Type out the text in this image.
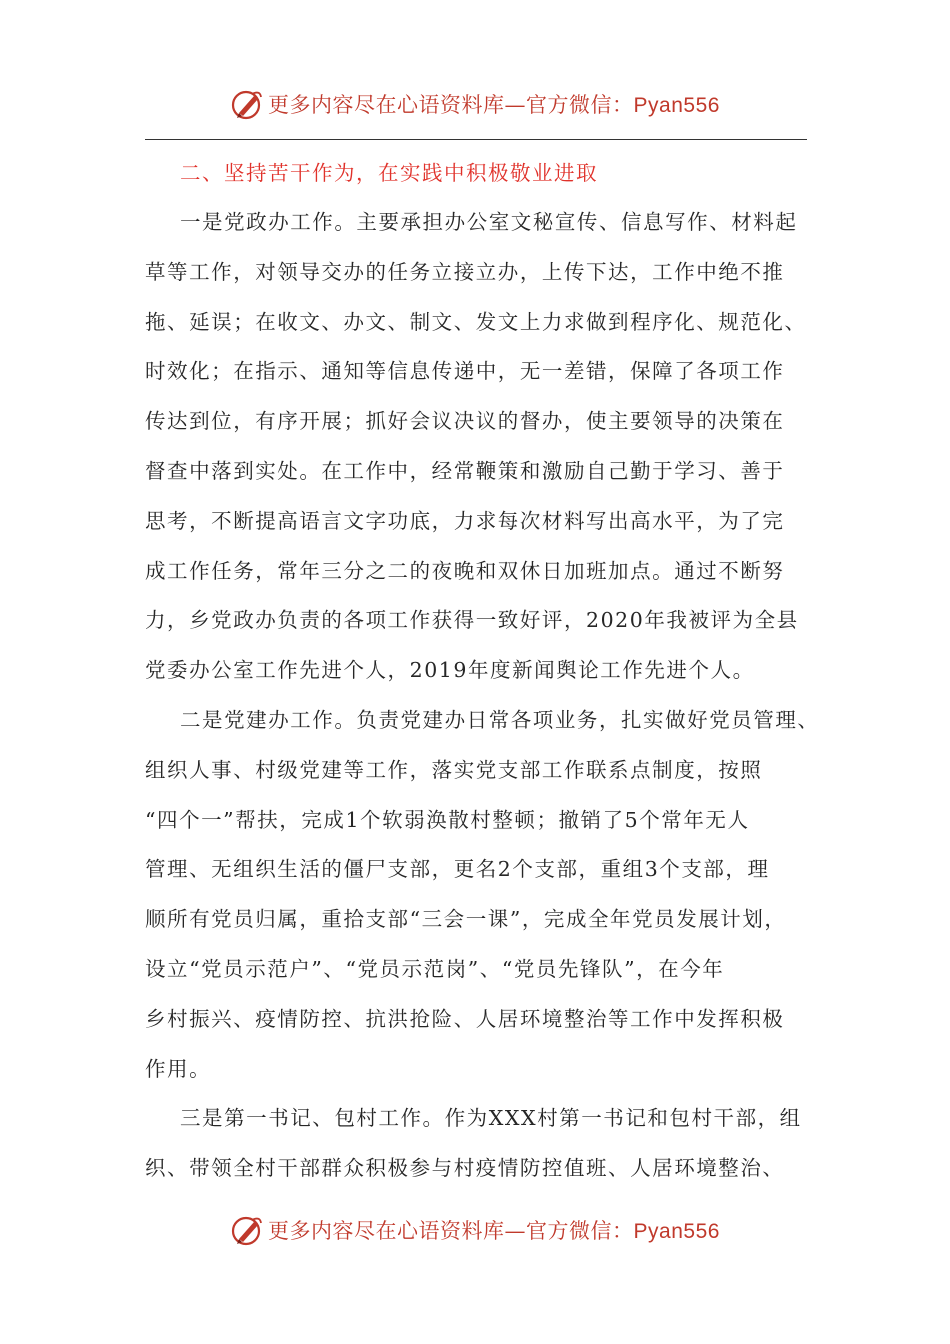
更多内容尽在心语资料库—官方微信：Pyan556
二、坚持苦干作为，在实践中积极敬业进取
一是党政办工作。主要承担办公室文秘宣传、信息写作、材料起
草等工作，对领导交办的任务立接立办，上传下达，工作中绝不推
拖、延误；在收文、办文、制文、发文上力求做到程序化、规范化、
时效化；在指示、通知等信息传递中，无一差错，保障了各项工作
传达到位，有序开展；抓好会议决议的督办，使主要领导的决策在
督查中落到实处。在工作中，经常鞭策和激励自己勤于学习、善于
思考，不断提高语言文字功底，力求每次材料写出高水平，为了完
成工作任务，常年三分之二的夜晚和双休日加班加点。通过不断努
力，乡党政办负责的各项工作获得一致好评，2020年我被评为全县
党委办公室工作先进个人，2019年度新闻舆论工作先进个人。
二是党建办工作。负责党建办日常各项业务，扎实做好党员管理、
组织人事、村级党建等工作，落实党支部工作联系点制度，按照
“四个一”帮扶，完成1个软弱涣散村整顿；撤销了5个常年无人
管理、无组织生活的僵尸支部，更名2个支部，重组3个支部，理
顺所有党员归属，重拾支部“三会一课”，完成全年党员发展计划，
设立“党员示范户”、“党员示范岗”、“党员先锋队”，在今年
乡村振兴、疫情防控、抗洪抢险、人居环境整治等工作中发挥积极
作用。
三是第一书记、包村工作。作为XXX村第一书记和包村干部，组
织、带领全村干部群众积极参与村疫情防控值班、人居环境整治、
更多内容尽在心语资料库—官方微信：Pyan556
